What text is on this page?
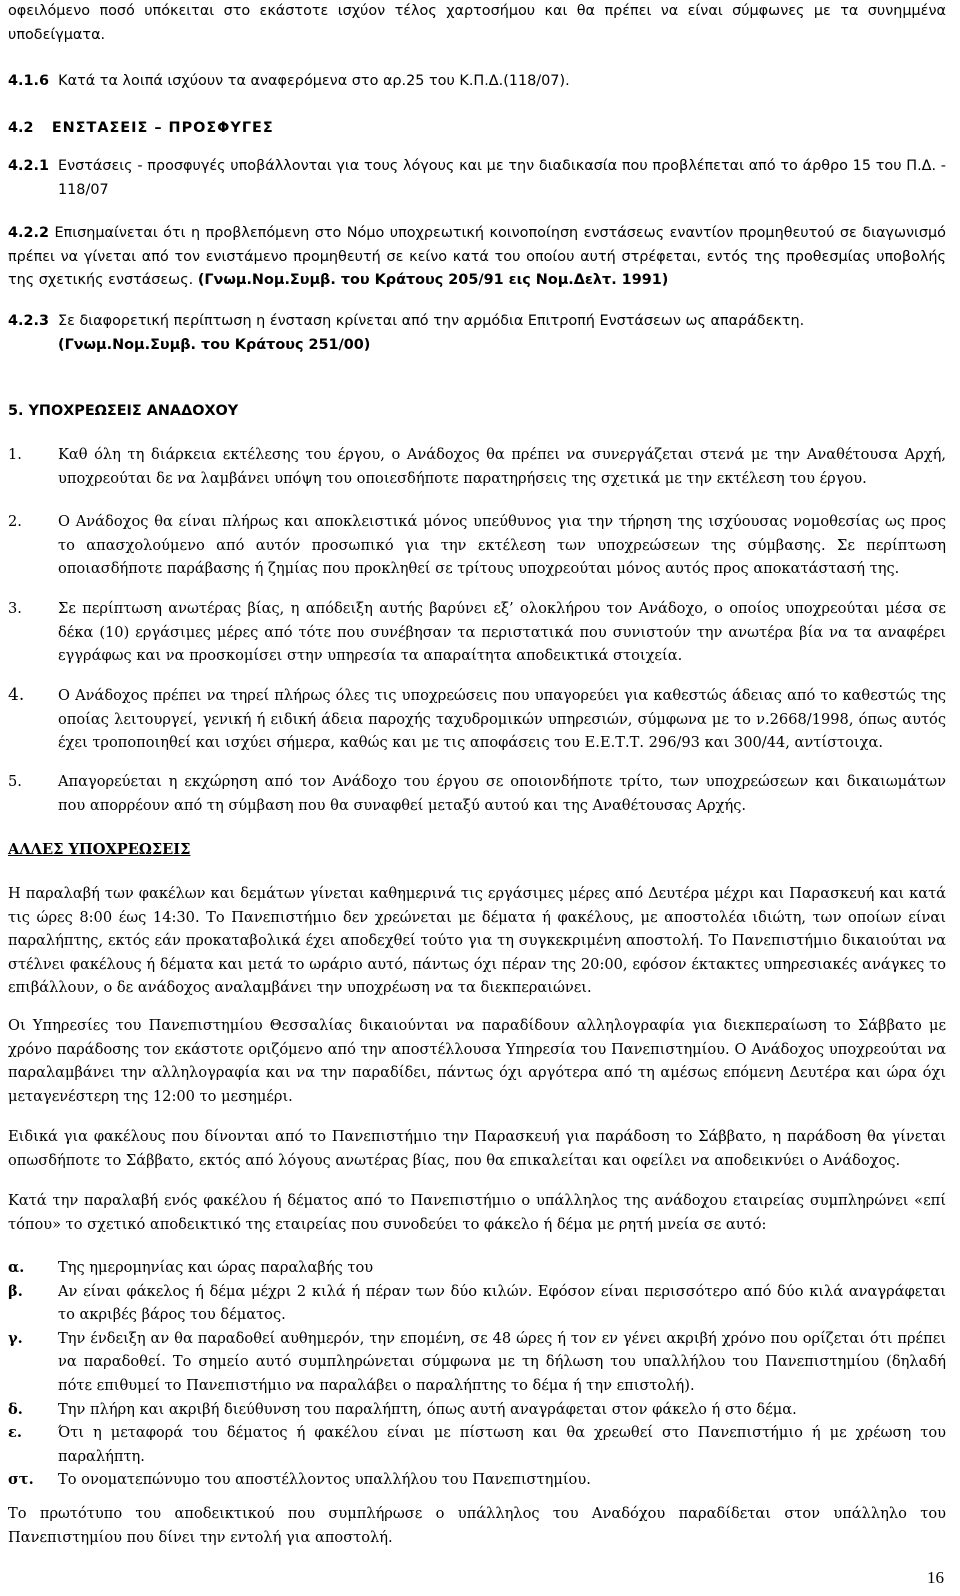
οφειλόμενο ποσό υπόκειται στο εκάστοτε ισχύον τέλος χαρτοσήμου και θα πρέπει να είναι σύμφωνες με τα συνημμένα υποδείγματα.

4.1.6 Κατά τα λοιπά ισχύουν τα αναφερόμενα στο αρ.25 του Κ.Π.Δ.(118/07).

4.2 ΕΝΣΤΑΣΕΙΣ – ΠΡΟΣΦΥΓΕΣ

4.2.1 Ενστάσεις - προσφυγές υποβάλλονται για τους λόγους και με την διαδικασία που προβλέπεται από το άρθρο 15 του Π.Δ. - 118/07

4.2.2 Επισημαίνεται ότι η προβλεπόμενη στο Νόμο υποχρεωτική κοινοποίηση ενστάσεως εναντίον προμηθευτού σε διαγωνισμό πρέπει να γίνεται από τον ενιστάμενο προμηθευτή σε κείνο κατά του οποίου αυτή στρέφεται, εντός της προθεσμίας υποβολής της σχετικής ενστάσεως. (Γνωμ.Νομ.Συμβ. του Κράτους 205/91 εις Νομ.Δελτ. 1991)

4.2.3 Σε διαφορετική περίπτωση η ένσταση κρίνεται από την αρμόδια Επιτροπή Ενστάσεων ως απαράδεκτη.
(Γνωμ.Νομ.Συμβ. του Κράτους 251/00)

5. ΥΠΟΧΡΕΩΣΕΙΣ ΑΝΑΔΟΧΟΥ

1.	Καθ όλη τη διάρκεια εκτέλεσης του έργου, ο Ανάδοχος θα πρέπει να συνεργάζεται στενά με την Αναθέτουσα Αρχή, υποχρεούται δε να λαμβάνει υπόψη του οποιεσδήποτε παρατηρήσεις της σχετικά με την εκτέλεση του έργου.
2.	Ο Ανάδοχος θα είναι πλήρως και αποκλειστικά μόνος υπεύθυνος για την τήρηση της ισχύουσας νομοθεσίας ως προς το απασχολούμενο από αυτόν προσωπικό για την εκτέλεση των υποχρεώσεων της σύμβασης. Σε περίπτωση οποιασδήποτε παράβασης ή ζημίας που προκληθεί σε τρίτους υποχρεούται μόνος αυτός προς αποκατάστασή της.
3.	Σε περίπτωση ανωτέρας βίας, η απόδειξη αυτής βαρύνει εξ’ ολοκλήρου τον Ανάδοχο, ο οποίος υποχρεούται μέσα σε δέκα (10) εργάσιμες μέρες από τότε που συνέβησαν τα περιστατικά που συνιστούν την ανωτέρα βία να τα αναφέρει εγγράφως και να προσκομίσει στην υπηρεσία τα απαραίτητα αποδεικτικά στοιχεία.
4.	Ο Ανάδοχος πρέπει να τηρεί πλήρως όλες τις υποχρεώσεις που υπαγορεύει για καθεστώς άδειας από το καθεστώς της οποίας λειτουργεί, γενική ή ειδική άδεια παροχής ταχυδρομικών υπηρεσιών, σύμφωνα με το ν.2668/1998, όπως αυτός έχει τροποποιηθεί και ισχύει σήμερα, καθώς και με τις αποφάσεις του Ε.Ε.Τ.Τ. 296/93 και 300/44, αντίστοιχα.
5.	Απαγορεύεται η εκχώρηση από τον Ανάδοχο του έργου σε οποιονδήποτε τρίτο, των υποχρεώσεων και δικαιωμάτων που απορρέουν από τη σύμβαση που θα συναφθεί μεταξύ αυτού και της Αναθέτουσας Αρχής.

ΑΛΛΕΣ ΥΠΟΧΡΕΩΣΕΙΣ

Η παραλαβή των φακέλων και δεμάτων γίνεται καθημερινά τις εργάσιμες μέρες από Δευτέρα μέχρι και Παρασκευή και κατά τις ώρες 8:00 έως 14:30. Το Πανεπιστήμιο δεν χρεώνεται με δέματα ή φακέλους, με αποστολέα ιδιώτη, των οποίων είναι παραλήπτης, εκτός εάν προκαταβολικά έχει αποδεχθεί τούτο για τη συγκεκριμένη αποστολή. Το Πανεπιστήμιο δικαιούται να στέλνει φακέλους ή δέματα και μετά το ωράριο αυτό, πάντως όχι πέραν της 20:00, εφόσον έκτακτες υπηρεσιακές ανάγκες το επιβάλλουν, ο δε ανάδοχος αναλαμβάνει την υποχρέωση να τα διεκπεραιώνει.

Οι Υπηρεσίες του Πανεπιστημίου Θεσσαλίας δικαιούνται να παραδίδουν αλληλογραφία για διεκπεραίωση το Σάββατο με χρόνο παράδοσης τον εκάστοτε οριζόμενο από την αποστέλλουσα Υπηρεσία του Πανεπιστημίου. Ο Ανάδοχος υποχρεούται να παραλαμβάνει την αλληλογραφία και να την παραδίδει, πάντως όχι αργότερα από τη αμέσως επόμενη Δευτέρα και ώρα όχι μεταγενέστερη της 12:00 το μεσημέρι.

Ειδικά για φακέλους που δίνονται από το Πανεπιστήμιο την Παρασκευή για παράδοση το Σάββατο, η παράδοση θα γίνεται οπωσδήποτε το Σάββατο, εκτός από λόγους ανωτέρας βίας, που θα επικαλείται και οφείλει να αποδεικνύει ο Ανάδοχος.

Κατά την παραλαβή ενός φακέλου ή δέματος από το Πανεπιστήμιο ο υπάλληλος της ανάδοχου εταιρείας συμπληρώνει «επί τόπου» το σχετικό αποδεικτικό της εταιρείας που συνοδεύει το φάκελο ή δέμα με ρητή μνεία σε αυτό:

α.	Της ημερομηνίας και ώρας παραλαβής του
β.	Αν είναι φάκελος ή δέμα μέχρι 2 κιλά ή πέραν των δύο κιλών. Εφόσον είναι περισσότερο από δύο κιλά αναγράφεται το ακριβές βάρος του δέματος.
γ.	Την ένδειξη αν θα παραδοθεί αυθημερόν, την επομένη, σε 48 ώρες ή τον εν γένει ακριβή χρόνο που ορίζεται ότι πρέπει να παραδοθεί. Το σημείο αυτό συμπληρώνεται σύμφωνα με τη δήλωση του υπαλλήλου του Πανεπιστημίου (δηλαδή πότε επιθυμεί το Πανεπιστήμιο να παραλάβει ο παραλήπτης το δέμα ή την επιστολή).
δ.	Την πλήρη και ακριβή διεύθυνση του παραλήπτη, όπως αυτή αναγράφεται στον φάκελο ή στο δέμα.
ε.	Ότι η μεταφορά του δέματος ή φακέλου είναι με πίστωση και θα χρεωθεί στο Πανεπιστήμιο ή με χρέωση του παραλήπτη.
στ.	Το ονοματεπώνυμο του αποστέλλοντος υπαλλήλου του Πανεπιστημίου.

Το πρωτότυπο του αποδεικτικού που συμπλήρωσε ο υπάλληλος του Αναδόχου παραδίδεται στον υπάλληλο του Πανεπιστημίου που δίνει την εντολή για αποστολή.

16
